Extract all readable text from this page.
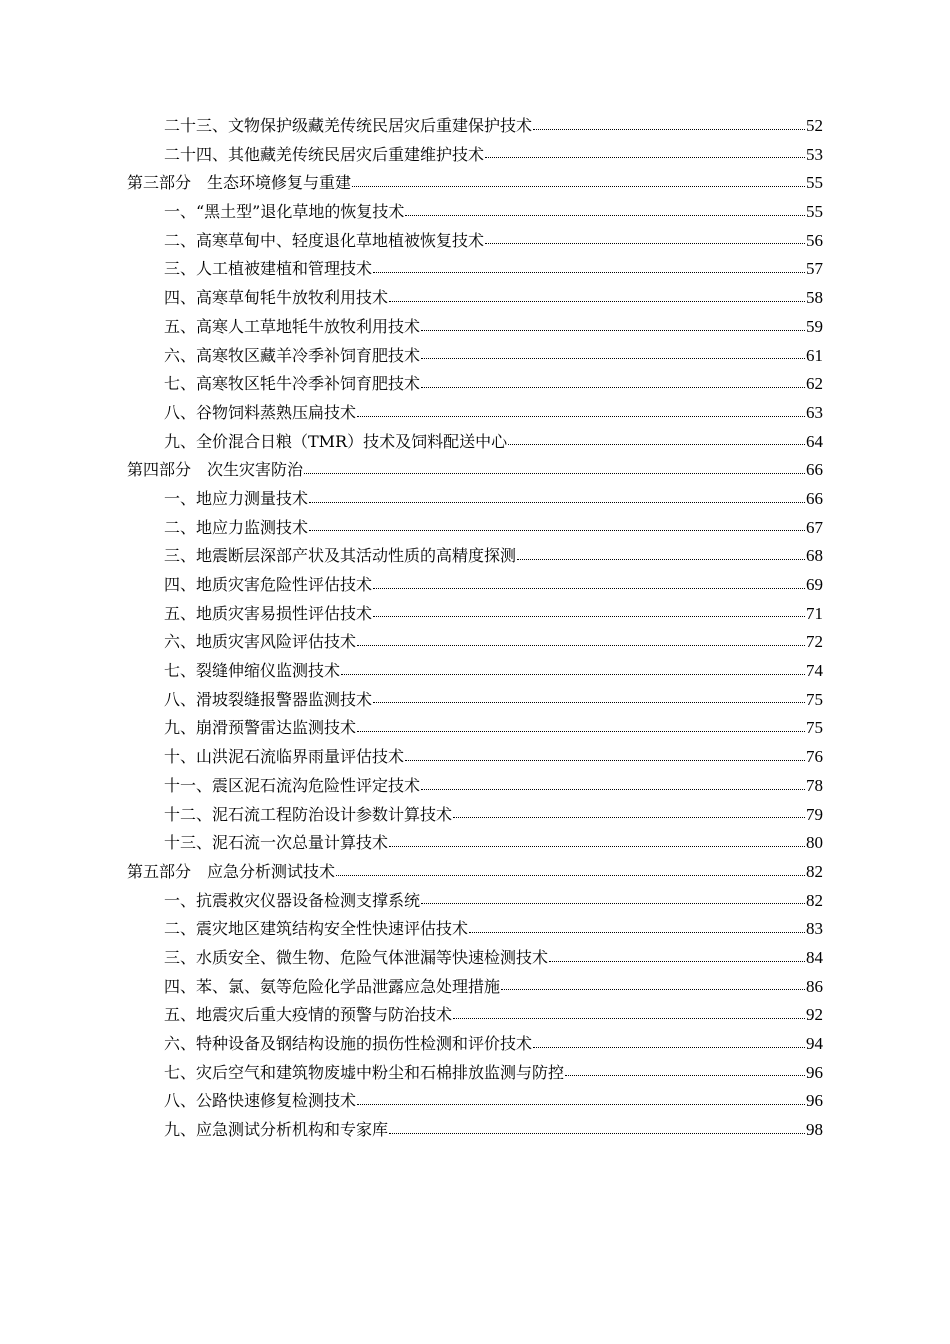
二十三、文物保护级藏羌传统民居灾后重建保护技术	52
二十四、其他藏羌传统民居灾后重建维护技术	53
第三部分　生态环境修复与重建	55
一、“黑土型”退化草地的恢复技术	55
二、高寒草甸中、轻度退化草地植被恢复技术	56
三、人工植被建植和管理技术	57
四、高寒草甸牦牛放牧利用技术	58
五、高寒人工草地牦牛放牧利用技术	59
六、高寒牧区藏羊冷季补饲育肥技术	61
七、高寒牧区牦牛冷季补饲育肥技术	62
八、谷物饲料蒸熟压扁技术	63
九、全价混合日粮（TMR）技术及饲料配送中心	64
第四部分　次生灾害防治	66
一、地应力测量技术	66
二、地应力监测技术	67
三、地震断层深部产状及其活动性质的高精度探测	68
四、地质灾害危险性评估技术	69
五、地质灾害易损性评估技术	71
六、地质灾害风险评估技术	72
七、裂缝伸缩仪监测技术	74
八、滑坡裂缝报警器监测技术	75
九、崩滑预警雷达监测技术	75
十、山洪泥石流临界雨量评估技术	76
十一、震区泥石流沟危险性评定技术	78
十二、泥石流工程防治设计参数计算技术	79
十三、泥石流一次总量计算技术	80
第五部分　应急分析测试技术	82
一、抗震救灾仪器设备检测支撑系统	82
二、震灾地区建筑结构安全性快速评估技术	83
三、水质安全、微生物、危险气体泄漏等快速检测技术	84
四、苯、氯、氨等危险化学品泄露应急处理措施	86
五、地震灾后重大疫情的预警与防治技术	92
六、特种设备及钢结构设施的损伤性检测和评价技术	94
七、灾后空气和建筑物废墟中粉尘和石棉排放监测与防控	96
八、公路快速修复检测技术	96
九、应急测试分析机构和专家库	98
